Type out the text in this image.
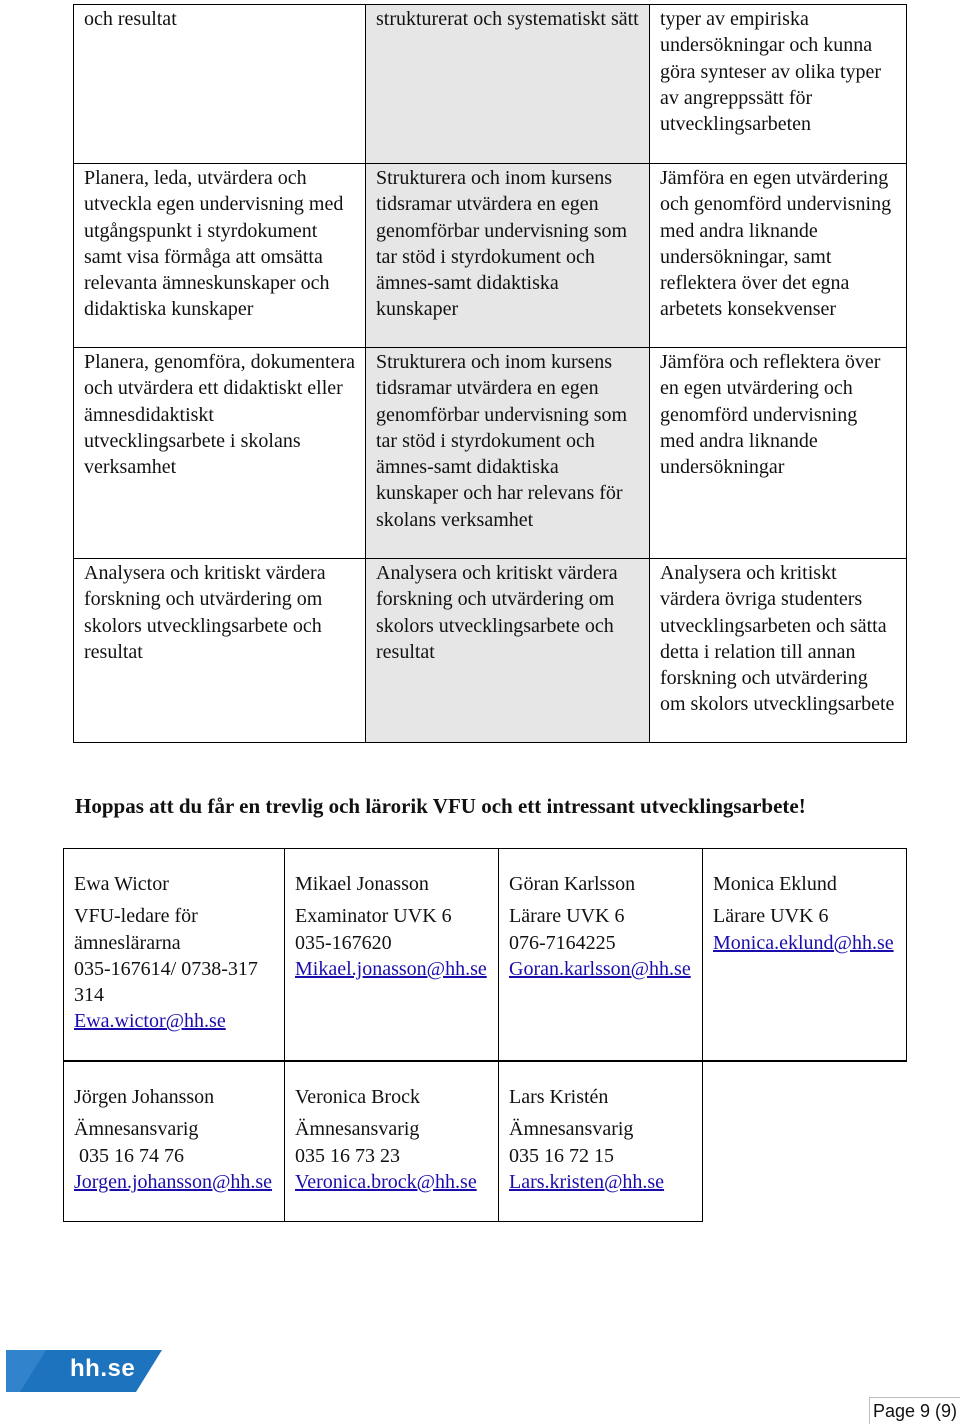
och resultat	strukturerat och systematiskt sätt	typer av empiriska undersökningar och kunna göra synteser av olika typer av angreppssätt för utvecklingsarbeten
Planera, leda, utvärdera och utveckla egen undervisning med utgångspunkt i styrdokument samt visa förmåga att omsätta relevanta ämneskunskaper och didaktiska kunskaper	Strukturera och inom kursens tidsramar utvärdera en egen genomförbar undervisning som tar stöd i styrdokument och ämnes-samt didaktiska kunskaper	Jämföra en egen utvärdering och genomförd undervisning med andra liknande undersökningar, samt reflektera över det egna arbetets konsekvenser
Planera, genomföra, dokumentera och utvärdera ett didaktiskt eller ämnesdidaktiskt utvecklingsarbete i skolans verksamhet	Strukturera och inom kursens tidsramar utvärdera en egen genomförbar undervisning som tar stöd i styrdokument och ämnes-samt didaktiska kunskaper och har relevans för skolans verksamhet	Jämföra och reflektera över en egen utvärdering och genomförd undervisning med andra liknande undersökningar
Analysera och kritiskt värdera forskning och utvärdering om skolors utvecklingsarbete och resultat	Analysera och kritiskt värdera forskning och utvärdering om skolors utvecklingsarbete och resultat	Analysera och kritiskt värdera övriga studenters utvecklingsarbeten och sätta detta i relation till annan forskning och utvärdering om skolors utvecklingsarbete
Hoppas att du får en trevlig och lärorik VFU och ett intressant utvecklingsarbete!
Ewa Wictor
VFU-ledare för ämneslärarna
035-167614/ 0738-317 314
Ewa.wictor@hh.se

Mikael Jonasson
Examinator UVK 6
035-167620
Mikael.jonasson@hh.se

Göran Karlsson
Lärare UVK 6
076-7164225
Goran.karlsson@hh.se

Monica Eklund
Lärare UVK 6
Monica.eklund@hh.se
Jörgen Johansson
Ämnesansvarig
035 16 74 76
Jorgen.johansson@hh.se

Veronica Brock
Ämnesansvarig
035 16 73 23
Veronica.brock@hh.se

Lars Kristén
Ämnesansvarig
035 16 72 15
Lars.kristen@hh.se

hh.se
Page 9 (9)
